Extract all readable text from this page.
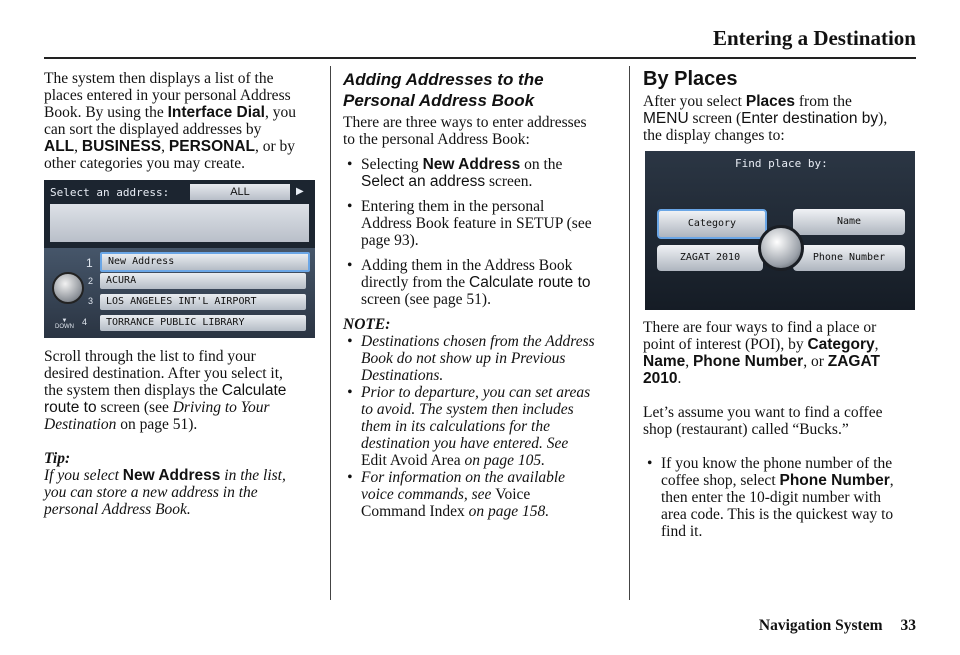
Entering a Destination

The system then displays a list of the
places entered in your personal Address
Book. By using the Interface Dial, you
can sort the displayed addresses by
ALL, BUSINESS, PERSONAL, or by
other categories you may create.

Select an address:	ALL	▶
1
2
3
4
▼
DOWN
New Address
ACURA
LOS ANGELES INT'L AIRPORT
TORRANCE PUBLIC LIBRARY

Scroll through the list to find your
desired destination. After you select it,
the system then displays the Calculate
route to screen (see Driving to Your
Destination on page 51).

Tip:

If you select New Address in the list,
you can store a new address in the
personal Address Book.

Adding Addresses to the
Personal Address Book

There are three ways to enter addresses
to the personal Address Book:

• Selecting New Address on the
Select an address screen.

• Entering them in the personal
Address Book feature in SETUP (see
page 93).

• Adding them in the Address Book
directly from the Calculate route to
screen (see page 51).

NOTE:

• Destinations chosen from the Address
Book do not show up in Previous
Destinations.

• Prior to departure, you can set areas
to avoid. The system then includes
them in its calculations for the
destination you have entered. See
Edit Avoid Area on page 105.

• For information on the available
voice commands, see Voice
Command Index on page 158.

By Places

After you select Places from the
MENU screen (Enter destination by),
the display changes to:

Find place by:
Category	Name
ZAGAT 2010	Phone Number

There are four ways to find a place or
point of interest (POI), by Category,
Name, Phone Number, or ZAGAT
2010.

Let’s assume you want to find a coffee
shop (restaurant) called “Bucks.”

• If you know the phone number of the
coffee shop, select Phone Number,
then enter the 10-digit number with
area code. This is the quickest way to
find it.

Navigation System 33
